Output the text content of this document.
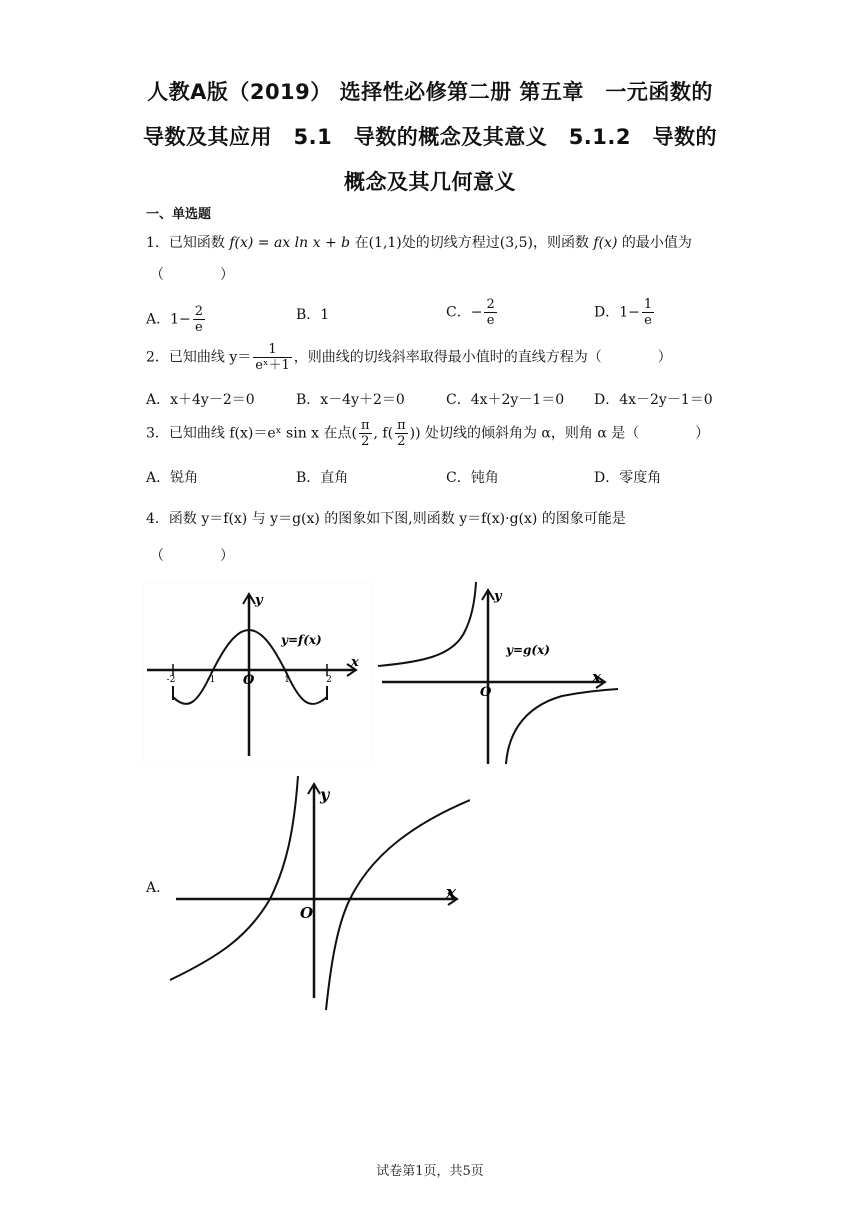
人教A版（2019） 选择性必修第二册 第五章　一元函数的
导数及其应用　5.1　导数的概念及其意义　5.1.2　导数的
概念及其几何意义
一、单选题
1．已知函数 f(x) = ax ln x + b 在(1,1)处的切线方程过(3,5)，则函数 f(x) 的最小值为
（　　　　）
A．$1- \frac{2}{e}$	B．1	C．− $\frac{2}{e}$	D．$1- \frac{1}{e}$
2．已知曲线 $y= \frac{1}{\text{eˣ＋1}}$ ，则曲线的切线斜率取得最小值时的直线方程为（　　　　）
A．x＋4y－2＝0	B．x－4y＋2＝0	C．4x＋2y－1＝0 D．4x－2y－1＝0
3．已知曲线 f(x)＝eˣ sin x 在点( $\frac{\pi}{2}$ , $f( \frac{\pi}{2}$ )) 处切线的倾斜角为 α，则角 α 是（　　　　）
A．锐角	B．直角	C．钝角	D．零度角
4．函数 y＝f(x) 与 y＝g(x) 的图象如下图,则函数 y＝f(x)·g(x) 的图象可能是
（　　　　）
-2	-1	1	2
y
x
O
y=f(x)
y
x
O
y=g(x)
A.
y
x
O
试卷第1页，共5页
